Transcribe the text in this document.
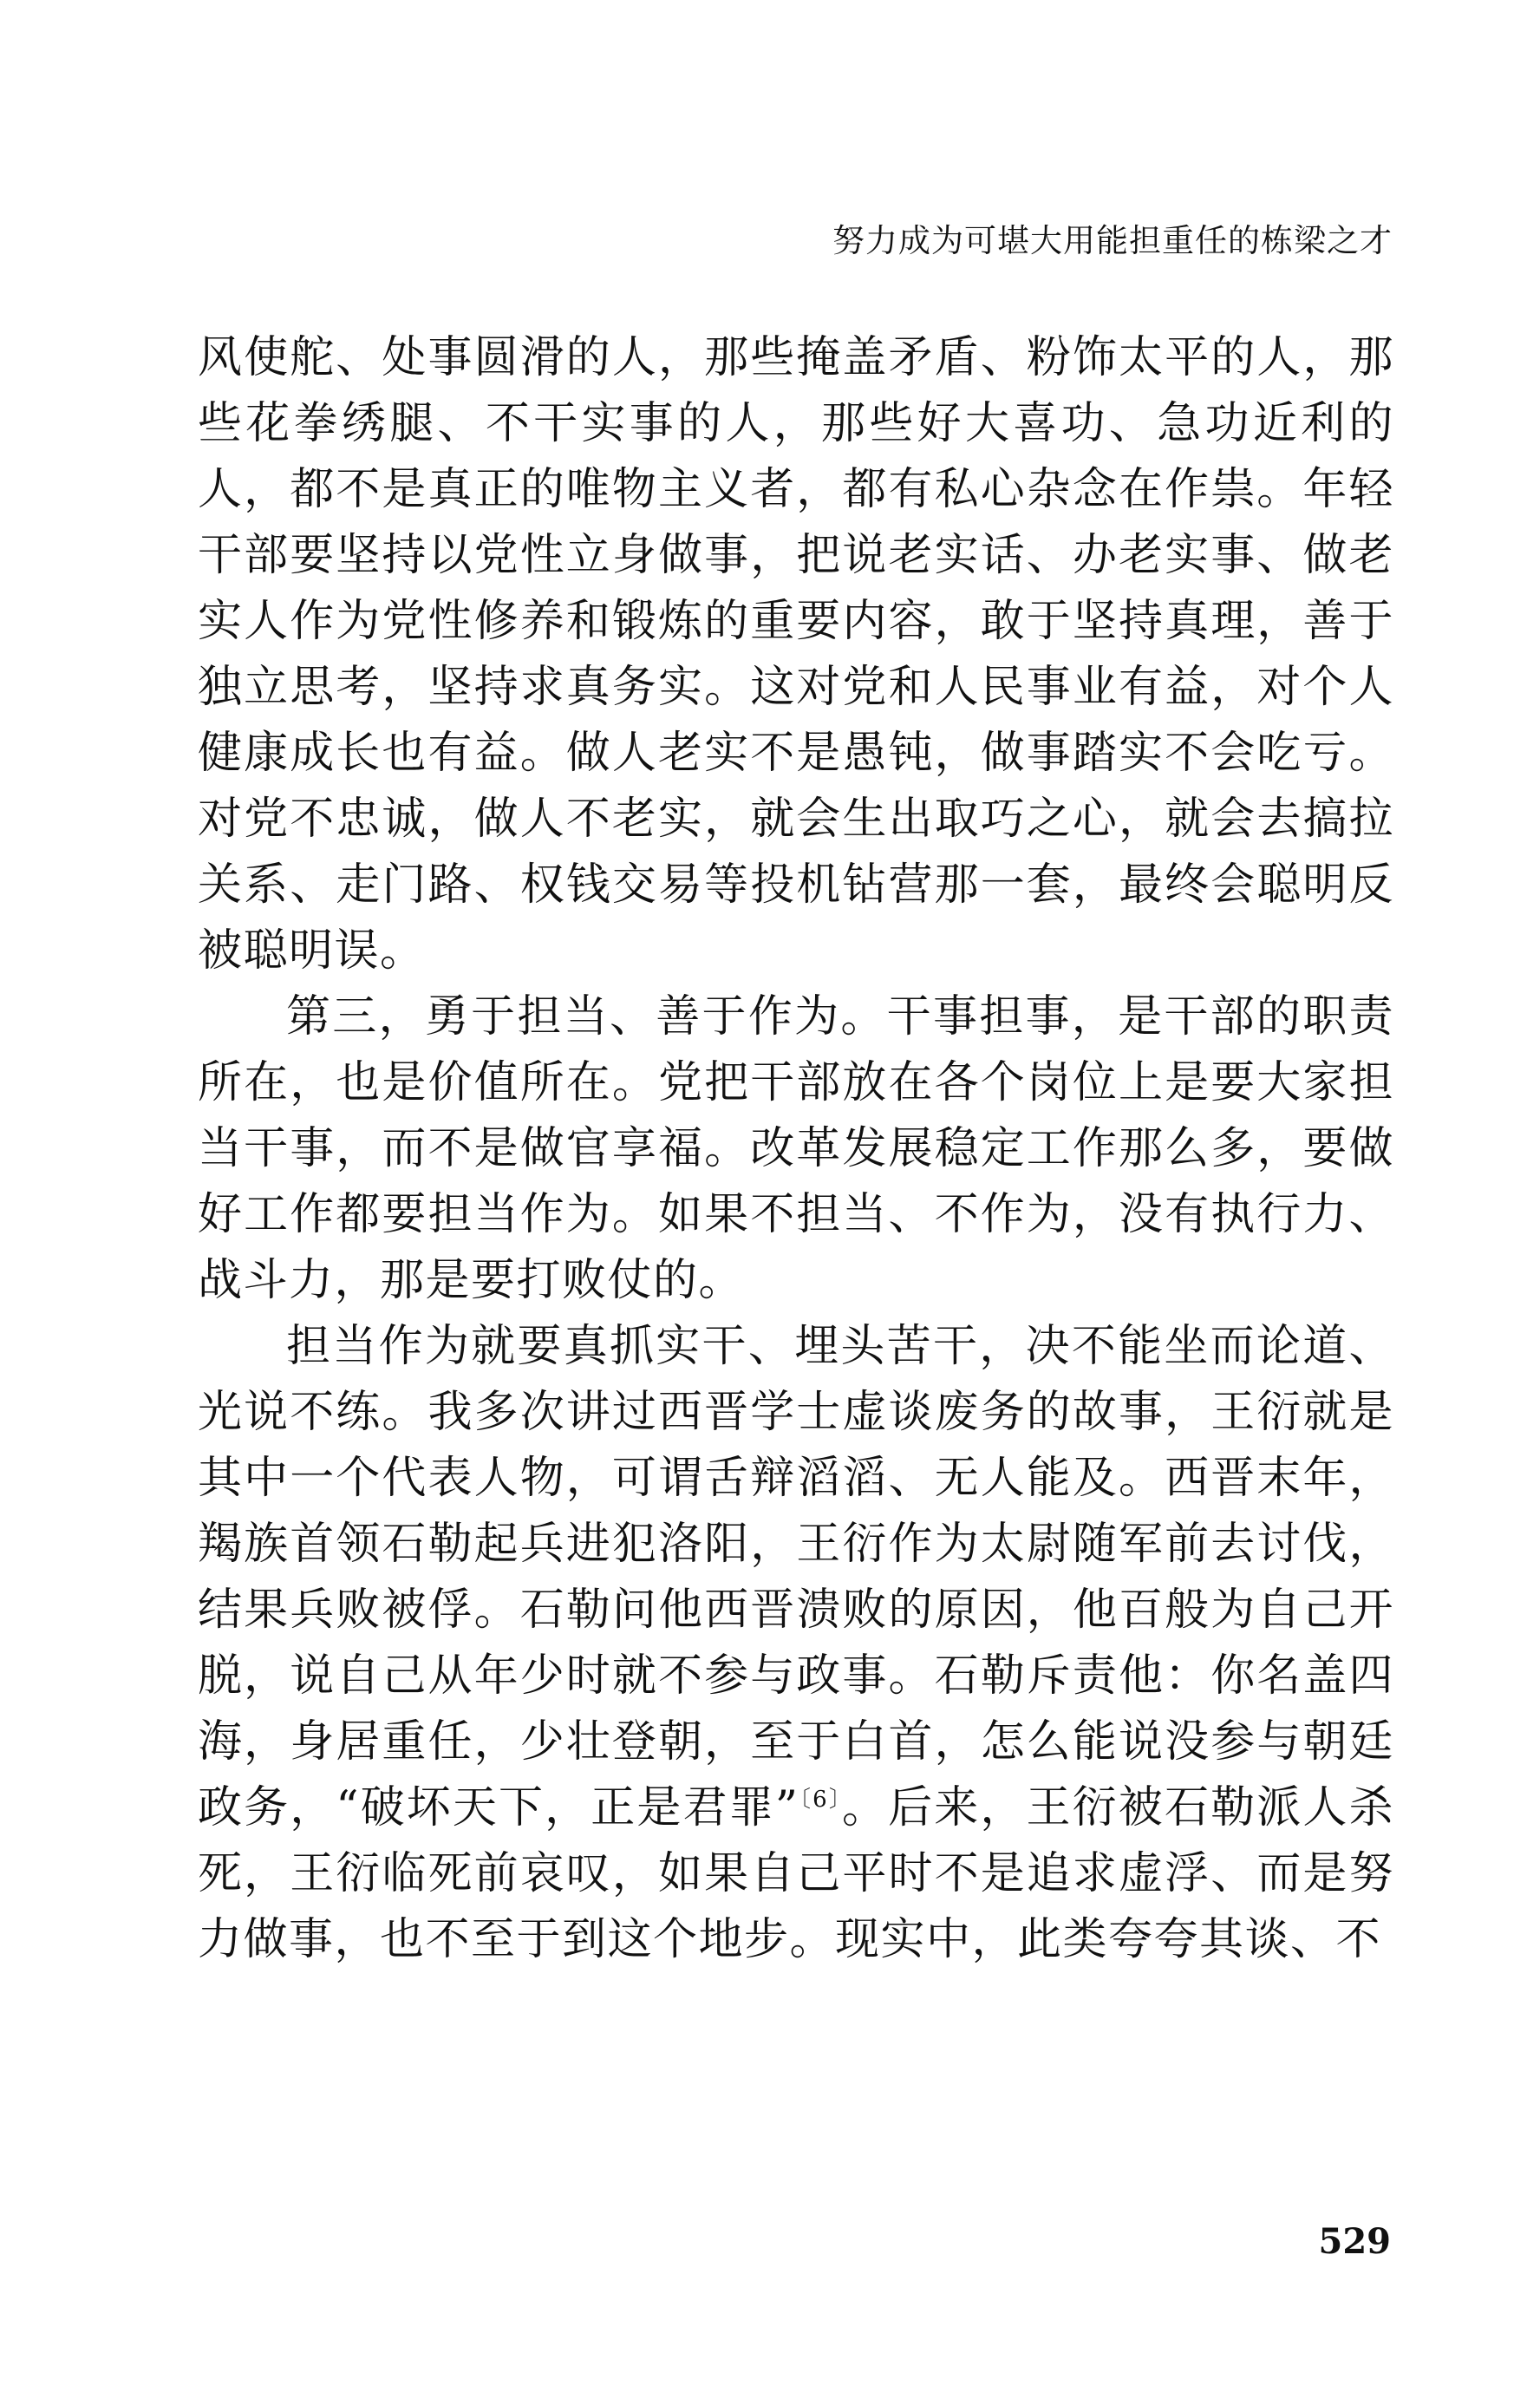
努力成为可堪大用能担重任的栋梁之才

风使舵、处事圆滑的人，那些掩盖矛盾、粉饰太平的人，那些花拳绣腿、不干实事的人，那些好大喜功、急功近利的人，都不是真正的唯物主义者，都有私心杂念在作祟。年轻干部要坚持以党性立身做事，把说老实话、办老实事、做老实人作为党性修养和锻炼的重要内容，敢于坚持真理，善于独立思考，坚持求真务实。这对党和人民事业有益，对个人健康成长也有益。做人老实不是愚钝，做事踏实不会吃亏。对党不忠诚，做人不老实，就会生出取巧之心，就会去搞拉关系、走门路、权钱交易等投机钻营那一套，最终会聪明反被聪明误。

第三，勇于担当、善于作为。干事担事，是干部的职责所在，也是价值所在。党把干部放在各个岗位上是要大家担当干事，而不是做官享福。改革发展稳定工作那么多，要做好工作都要担当作为。如果不担当、不作为，没有执行力、战斗力，那是要打败仗的。

担当作为就要真抓实干、埋头苦干，决不能坐而论道、光说不练。我多次讲过西晋学士虚谈废务的故事，王衍就是其中一个代表人物，可谓舌辩滔滔、无人能及。西晋末年，羯族首领石勒起兵进犯洛阳，王衍作为太尉随军前去讨伐，结果兵败被俘。石勒问他西晋溃败的原因，他百般为自己开脱，说自己从年少时就不参与政事。石勒斥责他：你名盖四海，身居重任，少壮登朝，至于白首，怎么能说没参与朝廷政务，“破坏天下，正是君罪”$^{〔6〕}$。后来，王衍被石勒派人杀死，王衍临死前哀叹，如果自己平时不是追求虚浮、而是努力做事，也不至于到这个地步。现实中，此类夸夸其谈、不

529
